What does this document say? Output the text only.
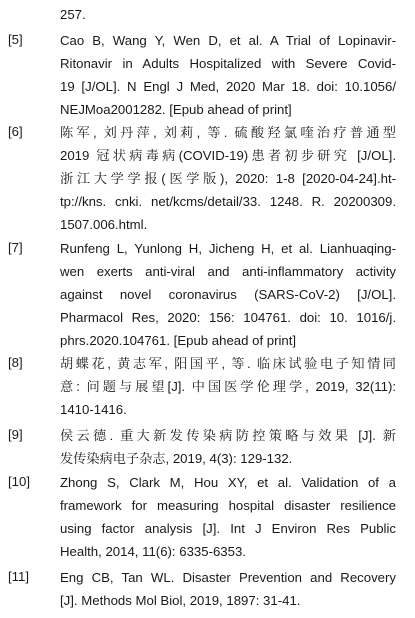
257.
[5]	Cao B, Wang Y, Wen D, et al. A Trial of Lopinavir-
Ritonavir in Adults Hospitalized with Severe Covid-
19 [J/OL]. N Engl J Med, 2020 Mar 18. doi: 10.1056/
NEJMoa2001282. [Epub ahead of print]
[6]	陈军, 刘丹萍, 刘莉, 等. 硫酸羟氯喹治疗普通型
2019 冠状病毒病(COVID-19)患者初步研究 [J/OL].
浙江大学学报(医学版), 2020: 1-8 [2020-04-24].ht-
tp://kns. cnki. net/kcms/detail/33. 1248. R. 20200309.
1507.006.html.
[7]	Runfeng L, Yunlong H, Jicheng H, et al. Lianhuaqing-
wen exerts anti-viral and anti-inflammatory activity
against novel coronavirus (SARS-CoV-2) [J/OL].
Pharmacol Res, 2020: 156: 104761. doi: 10. 1016/j.
phrs.2020.104761. [Epub ahead of print]
[8]	胡蝶花, 黄志军, 阳国平, 等. 临床试验电子知情同
意: 问题与展望[J]. 中国医学伦理学, 2019, 32(11):
1410-1416.
[9]	侯云德. 重大新发传染病防控策略与效果 [J]. 新
发传染病电子杂志, 2019, 4(3): 129-132.
[10] Zhong S, Clark M, Hou XY, et al. Validation of a
framework for measuring hospital disaster resilience
using factor analysis [J]. Int J Environ Res Public
Health, 2014, 11(6): 6335-6353.
[11] Eng CB, Tan WL. Disaster Prevention and Recovery
[J]. Methods Mol Biol, 2019, 1897: 31-41.
